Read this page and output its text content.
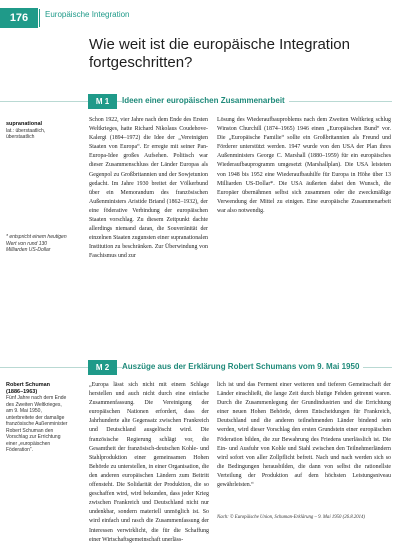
176	Europäische Integration
Wie weit ist die europäische Integration fortgeschritten?
M 1	Ideen einer europäischen Zusammenarbeit
supranational
lat.: überstaatlich, überstaatlich
* entspricht einem heutigen Wert von rund 130 Milliarden US-Dollar

Schon 1922, vier Jahre nach dem Ende des Ersten Weltkrieges, hatte Richard Nikolaus Coudehove-Kalergi (1894–1972) die Idee der „Vereinigten Staaten von Europa“. Er erregte mit seiner Pan-Europa-Idee großes Aufsehen. Politisch war dieser Zusammenschluss der Länder Europas als Gegenpol zu Großbritannien und der Sowjetunion gedacht. Im Jahre 1930 breitet der Völkerbund über ein Memorandum des französischen Außenministers Aristide Briand (1862–1932), der eine föderative Verbindung der europäischen Staaten vorschlag. Zu diesem Zeitpunkt dachte allerdings niemand daran, die Souveränität der einzelnen Staaten zugunsten einer supranationalen Institution zu beschränken. Zur Überwindung von Faschismus und zur

Lösung des Wiederaufbauproblems nach dem Zweiten Weltkrieg schlug Winston Churchill (1874–1965) 1946 einen „Europäischen Bund“ vor. Die „Europäische Familie“ sollte ein Großbritannien als Freund und Förderer unterstützt werden. 1947 wurde von den USA der Plan ihres Außenministers George C. Marshall (1880–1959) für ein europäisches Wiederaufbauprogramm umgesetzt (Marshallplan). Die USA leisteten von 1948 bis 1952 eine Wiederaufbauhilfe für Europa in Höhe über 13 Milliarden US-Dollar*. Die USA äußerten dabei den Wunsch, die Europäer übernähmen selbst sich zusammen oder die zweckmäßige Verwendung der Mittel zu einigen. Eine europäische Zusammenarbeit war also notwendig.

M 2	Auszüge aus der Erklärung Robert Schumans vom 9. Mai 1950
Robert Schuman (1886–1963)
Fünf Jahre nach dem Ende des Zweiten Weltkrieges, am 9. Mai 1950, unterbreitete der damalige französische Außenminister Robert Schuman den Vorschlag zur Errichtung einer „europäischen Föderation“.

„Europa lässt sich nicht mit einem Schlage herstellen und auch nicht durch eine einfache Zusammenfassung. Die Vereinigung der europäischen Nationen erfordert, dass der Jahrhunderte alte Gegensatz zwischen Frankreich und Deutschland ausgelöscht wird. Die französische Regierung schlägt vor, die Gesamtheit der französisch-deutschen Kohle- und Stahlproduktion einer gemeinsamen Hohen Behörde zu unterstellen, in einer Organisation, die den anderen europäischen Ländern zum Beitritt offensteht. Die Solidarität der Produktion, die so geschaffen wird, wird bekunden, dass jeder Krieg zwischen Frankreich und Deutschland nicht nur undenkbar, sondern materiell unmöglich ist. So wird einfach und rasch die Zusammenfassung der Interessen verwirklicht, die für die Schaffung einer Wirtschaftsgemeinschaft unerläss-

lich ist und das Ferment einer weiteren und tieferen Gemeinschaft der Länder einschließt, die lange Zeit durch blutige Fehden getrennt waren. Durch die Zusammenlegung der Grundindustrien und die Errichtung einer neuen Hohen Behörde, deren Entscheidungen für Frankreich, Deutschland und die anderen teilnehmenden Länder bindend sein werden, wird dieser Vorschlag den ersten Grundstein einer europäischen Föderation bilden, die zur Bewahrung des Friedens unerlässlich ist. Die Ein- und Ausfuhr von Kohle und Stahl zwischen den Teilnehmerländern wird sofort von aller Zollpflicht befreit. Nach und nach werden sich so die Bedingungen herausbilden, die dann von selbst die rationellste Verteilung der Produktion auf dem höchsten Leistungsniveau gewährleisten.“

Nach: © Europäische Union, Schuman-Erklärung – 9. Mai 1950 (26.8.2014)
